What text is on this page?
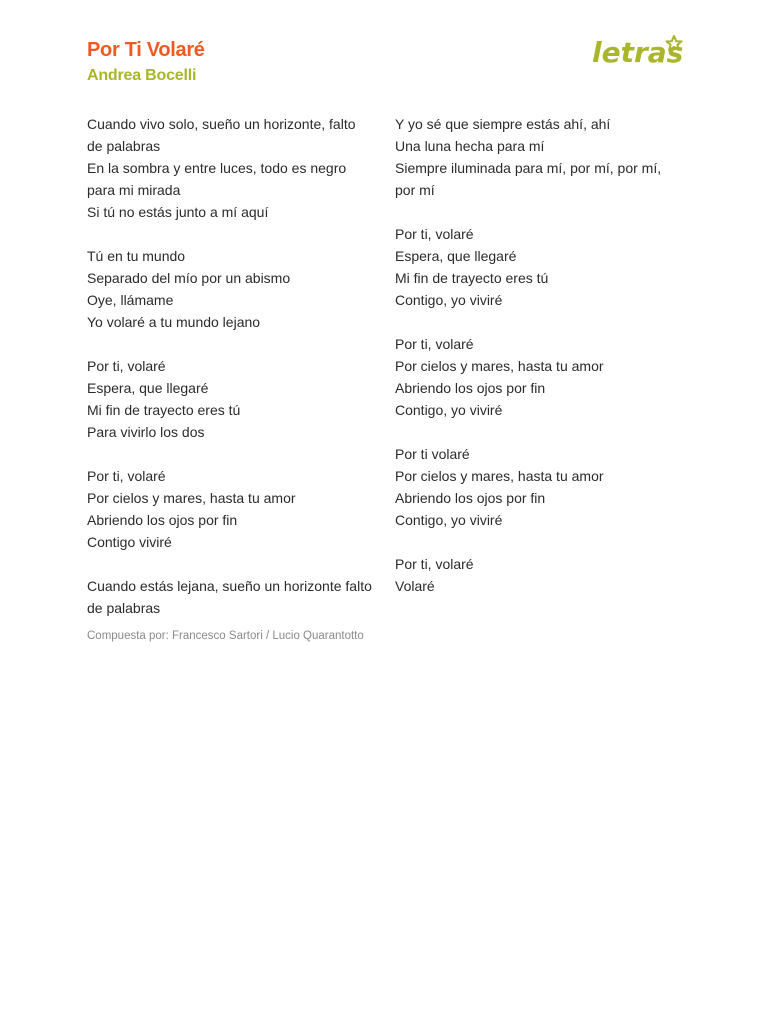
Por Ti Volaré
Andrea Bocelli
letras
Cuando vivo solo, sueño un horizonte, falto de palabras
En la sombra y entre luces, todo es negro para mi mirada
Si tú no estás junto a mí aquí
Tú en tu mundo
Separado del mío por un abismo
Oye, llámame
Yo volaré a tu mundo lejano
Por ti, volaré
Espera, que llegaré
Mi fin de trayecto eres tú
Para vivirlo los dos
Por ti, volaré
Por cielos y mares, hasta tu amor
Abriendo los ojos por fin
Contigo viviré
Cuando estás lejana, sueño un horizonte falto de palabras
Y yo sé que siempre estás ahí, ahí
Una luna hecha para mí
Siempre iluminada para mí, por mí, por mí, por mí
Por ti, volaré
Espera, que llegaré
Mi fin de trayecto eres tú
Contigo, yo viviré
Por ti, volaré
Por cielos y mares, hasta tu amor
Abriendo los ojos por fin
Contigo, yo viviré
Por ti volaré
Por cielos y mares, hasta tu amor
Abriendo los ojos por fin
Contigo, yo viviré
Por ti, volaré
Volaré
Compuesta por: Francesco Sartori / Lucio Quarantotto
